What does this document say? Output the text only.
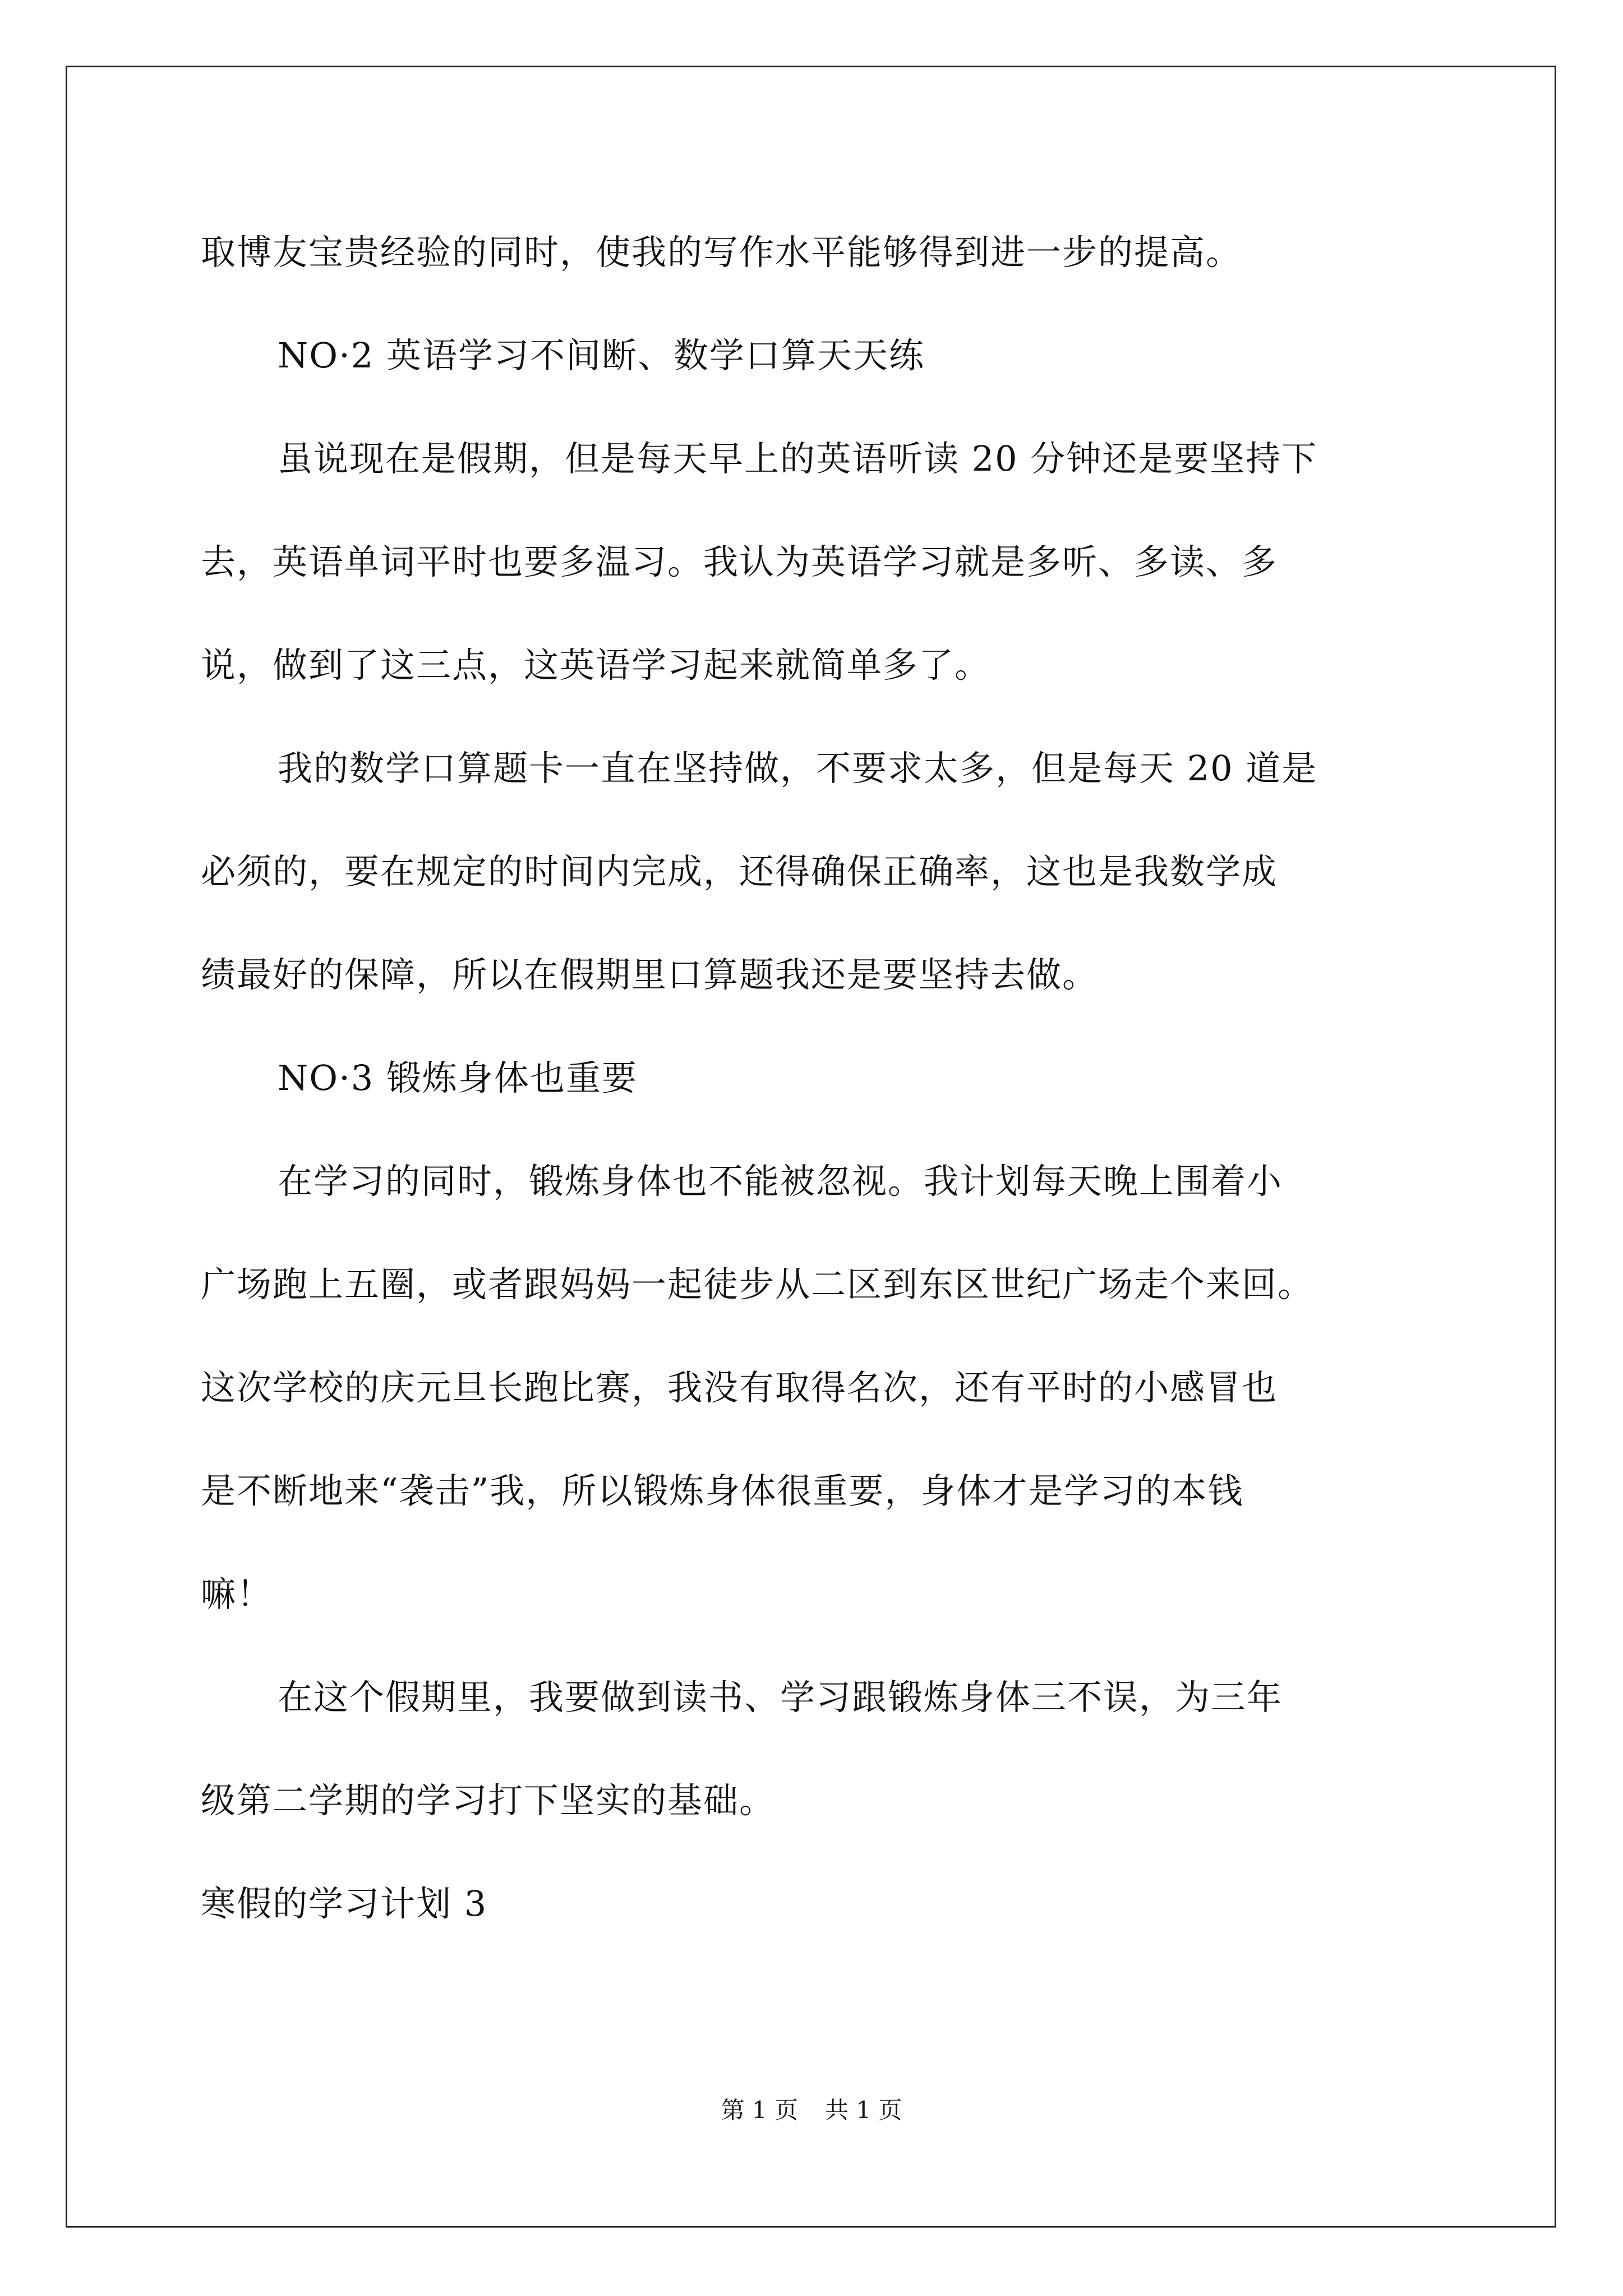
取博友宝贵经验的同时，使我的写作水平能够得到进一步的提高。
NO·2 英语学习不间断、数学口算天天练
虽说现在是假期，但是每天早上的英语听读 20 分钟还是要坚持下
去，英语单词平时也要多温习。我认为英语学习就是多听、多读、多
说，做到了这三点，这英语学习起来就简单多了。
我的数学口算题卡一直在坚持做，不要求太多，但是每天 20 道是
必须的，要在规定的时间内完成，还得确保正确率，这也是我数学成
绩最好的保障，所以在假期里口算题我还是要坚持去做。
NO·3 锻炼身体也重要
在学习的同时，锻炼身体也不能被忽视。我计划每天晚上围着小
广场跑上五圈，或者跟妈妈一起徒步从二区到东区世纪广场走个来回。
这次学校的庆元旦长跑比赛，我没有取得名次，还有平时的小感冒也
是不断地来“袭击”我，所以锻炼身体很重要，身体才是学习的本钱
嘛！
在这个假期里，我要做到读书、学习跟锻炼身体三不误，为三年
级第二学期的学习打下坚实的基础。
寒假的学习计划 3
第 1 页 共 1 页
